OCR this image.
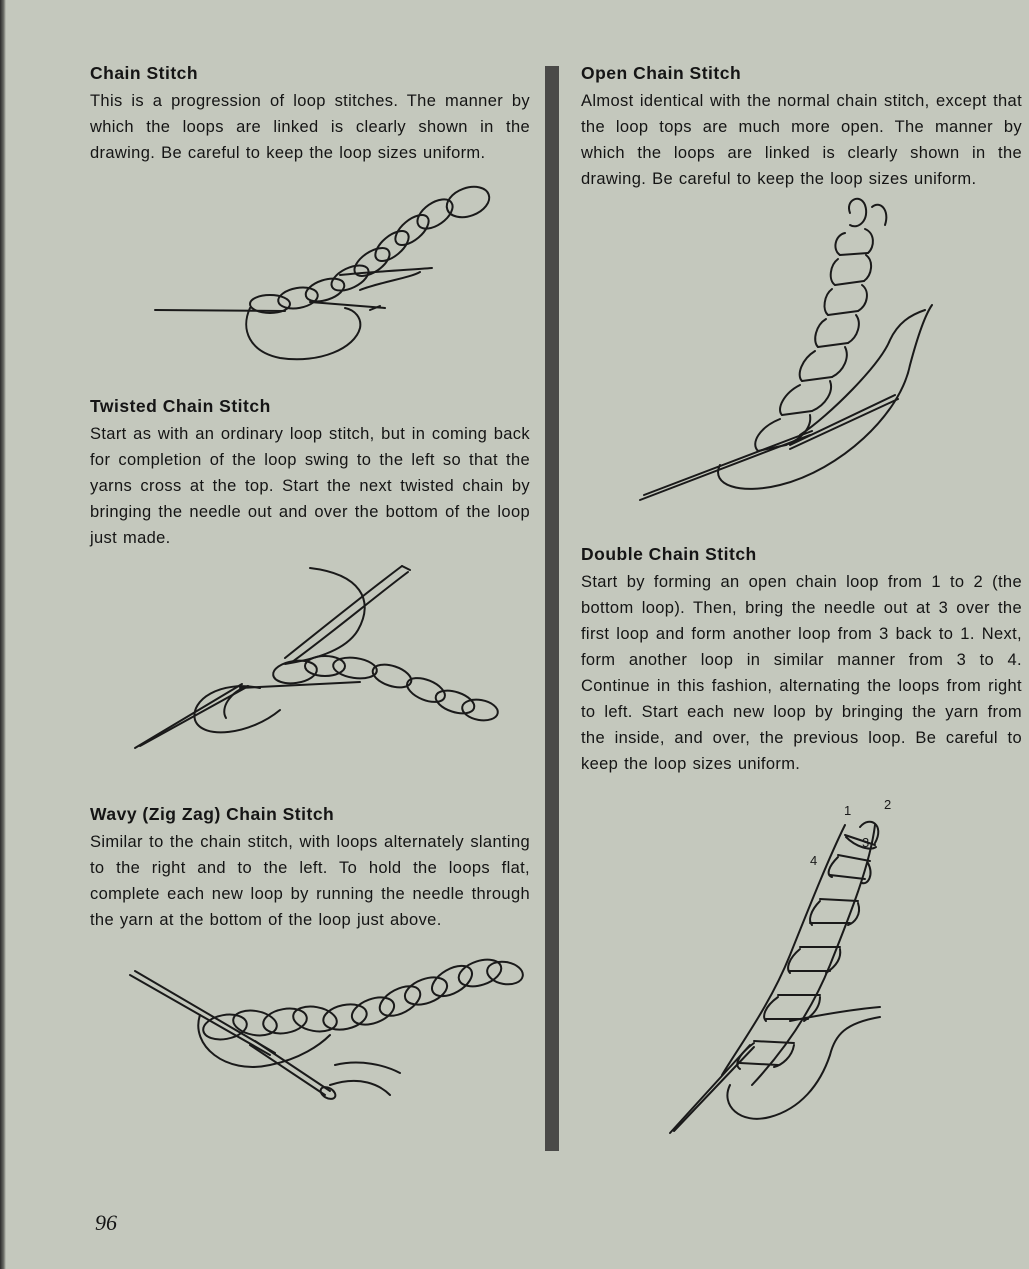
Chain Stitch

This is a progression of loop stitches. The manner by which the loops are linked is clearly shown in the drawing. Be careful to keep the loop sizes uniform.

Twisted Chain Stitch

Start as with an ordinary loop stitch, but in coming back for completion of the loop swing to the left so that the yarns cross at the top. Start the next twisted chain by bringing the needle out and over the bottom of the loop just made.

Wavy (Zig Zag) Chain Stitch

Similar to the chain stitch, with loops alternately slanting to the right and to the left. To hold the loops flat, complete each new loop by running the needle through the yarn at the bottom of the loop just above.

Open Chain Stitch

Almost identical with the normal chain stitch, except that the loop tops are much more open. The manner by which the loops are linked is clearly shown in the drawing. Be careful to keep the loop sizes uniform.

Double Chain Stitch

Start by forming an open chain loop from 1 to 2 (the bottom loop). Then, bring the needle out at 3 over the first loop and form another loop from 3 back to 1. Next, form another loop in similar manner from 3 to 4. Continue in this fashion, alternating the loops from right to left. Start each new loop by bringing the yarn from the inside, and over, the previous loop. Be careful to keep the loop sizes uniform.

1	2
3
4
96
